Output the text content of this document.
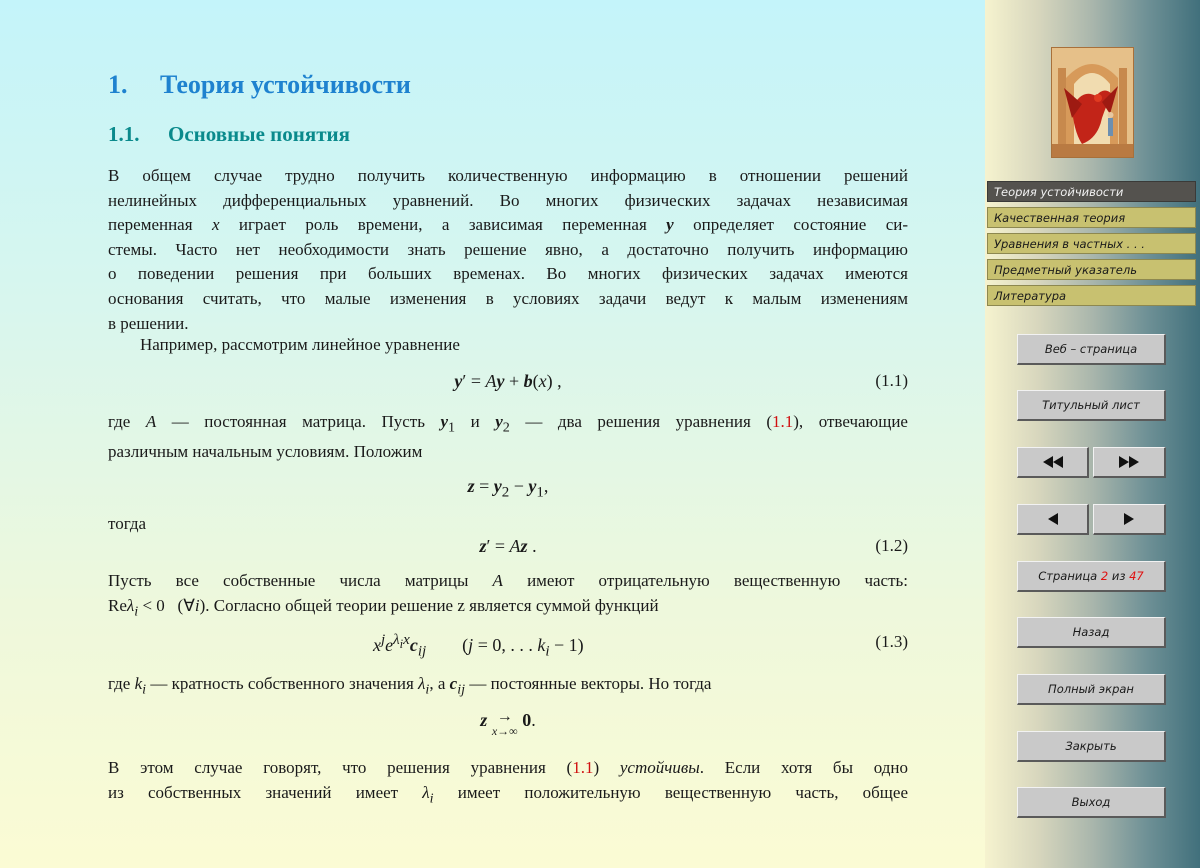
1. Теория устойчивости
1.1. Основные понятия

В общем случае трудно получить количественную информацию в отношении решений
нелинейных дифференциальных уравнений. Во многих физических задачах независимая
переменная x играет роль времени, а зависимая переменная y определяет состояние си-
стемы. Часто нет необходимости знать решение явно, а достаточно получить информацию
о поведении решения при больших временах. Во многих физических задачах имеются
основания считать, что малые изменения в условиях задачи ведут к малым изменениям
в решении.

Например, рассмотрим линейное уравнение

y′ = Ay + b(x) ,	(1.1)

где A — постоянная матрица. Пусть $y_1$ и $y_2$ — два решения уравнения (1.1), отвечающие
различным начальным условиям. Положим

$z = y_2 - y_1$,

тогда

z′ = Az .	(1.2)

Пусть все собственные числа матрицы A имеют отрицательную вещественную часть:
Reλ$_i$ < 0   (∀i). Согласно общей теории решение z является суммой функций

$x^je^{\lambda_ix}c_{ij}$        (j = 0, . . . $k_i - 1$)	(1.3)

где $k_i$ — кратность собственного значения $\lambda_i$, а $c_{ij}$ — постоянные векторы. Но тогда

z →
x→∞ 0.

В этом случае говорят, что решения уравнения (1.1) устойчивы. Если хотя бы одно
из собственных значений имеет $\lambda_i$ имеет положительную вещественную часть, общее

Теория устойчивости
Качественная теория
Уравнения в частных . . .
Предметный указатель
Литература
Веб – страница
Титульный лист
Страница 2 из 47
Назад
Полный экран
Закрыть
Выход
